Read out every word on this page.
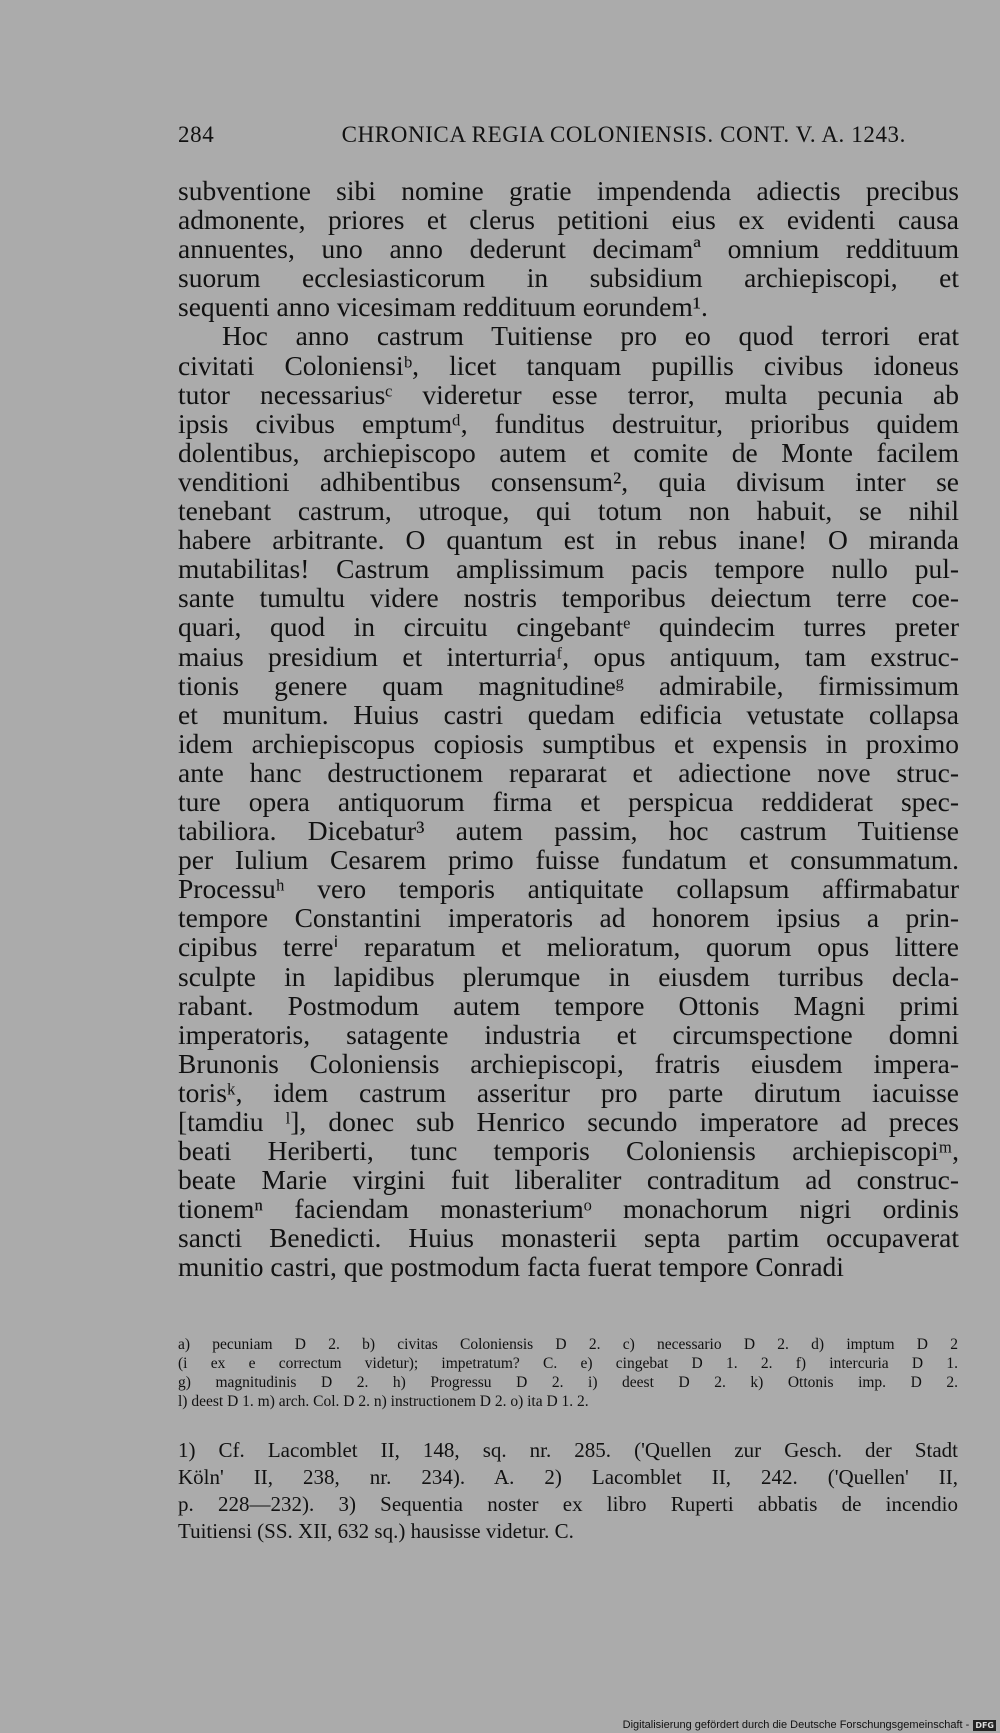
284	CHRONICA REGIA COLONIENSIS. CONT. V. A. 1243.
subventione sibi nomine gratie impendenda adiectis precibus
admonente, priores et clerus petitioni eius ex evidenti causa
annuentes, uno anno dederunt decimamª omnium reddituum
suorum ecclesiasticorum in subsidium archiepiscopi, et
sequenti anno vicesimam reddituum eorundem¹.
Hoc anno castrum Tuitiense pro eo quod terrori erat
civitati Coloniensiᵇ, licet tanquam pupillis civibus idoneus
tutor necessariusᶜ videretur esse terror, multa pecunia ab
ipsis civibus emptumᵈ, funditus destruitur, prioribus quidem
dolentibus, archiepiscopo autem et comite de Monte facilem
venditioni adhibentibus consensum², quia divisum inter se
tenebant castrum, utroque, qui totum non habuit, se nihil
habere arbitrante. O quantum est in rebus inane! O miranda
mutabilitas! Castrum amplissimum pacis tempore nullo pul-
sante tumultu videre nostris temporibus deiectum terre coe-
quari, quod in circuitu cingebantᵉ quindecim turres preter
maius presidium et interturriaᶠ, opus antiquum, tam exstruc-
tionis genere quam magnitudineᵍ admirabile, firmissimum
et munitum. Huius castri quedam edificia vetustate collapsa
idem archiepiscopus copiosis sumptibus et expensis in proximo
ante hanc destructionem repararat et adiectione nove struc-
ture opera antiquorum firma et perspicua reddiderat spec-
tabiliora. Dicebatur³ autem passim, hoc castrum Tuitiense
per Iulium Cesarem primo fuisse fundatum et consummatum.
Processuʰ vero temporis antiquitate collapsum affirmabatur
tempore Constantini imperatoris ad honorem ipsius a prin-
cipibus terreⁱ reparatum et melioratum, quorum opus littere
sculpte in lapidibus plerumque in eiusdem turribus decla-
rabant. Postmodum autem tempore Ottonis Magni primi
imperatoris, satagente industria et circumspectione domni
Brunonis Coloniensis archiepiscopi, fratris eiusdem impera-
torisᵏ, idem castrum asseritur pro parte dirutum iacuisse
[tamdiu ˡ], donec sub Henrico secundo imperatore ad preces
beati Heriberti, tunc temporis Coloniensis archiepiscopiᵐ,
beate Marie virgini fuit liberaliter contraditum ad construc-
tionemⁿ faciendam monasteriumᵒ monachorum nigri ordinis
sancti Benedicti. Huius monasterii septa partim occupaverat
munitio castri, que postmodum facta fuerat tempore Conradi
a) pecuniam D 2. b) civitas Coloniensis D 2. c) necessario D 2. d) imptum D 2
(i ex e correctum videtur); impetratum? C. e) cingebat D 1. 2. f) intercuria D 1.
g) magnitudinis D 2. h) Progressu D 2. i) deest D 2. k) Ottonis imp. D 2.
l) deest D 1. m) arch. Col. D 2. n) instructionem D 2. o) ita D 1. 2.
1) Cf. Lacomblet II, 148, sq. nr. 285. ('Quellen zur Gesch. der Stadt
Köln' II, 238, nr. 234). A. 2) Lacomblet II, 242. ('Quellen' II,
p. 228—232). 3) Sequentia noster ex libro Ruperti abbatis de incendio
Tuitiensi (SS. XII, 632 sq.) hausisse videtur. C.
Digitalisierung gefördert durch die Deutsche Forschungsgemeinschaft - DFG
